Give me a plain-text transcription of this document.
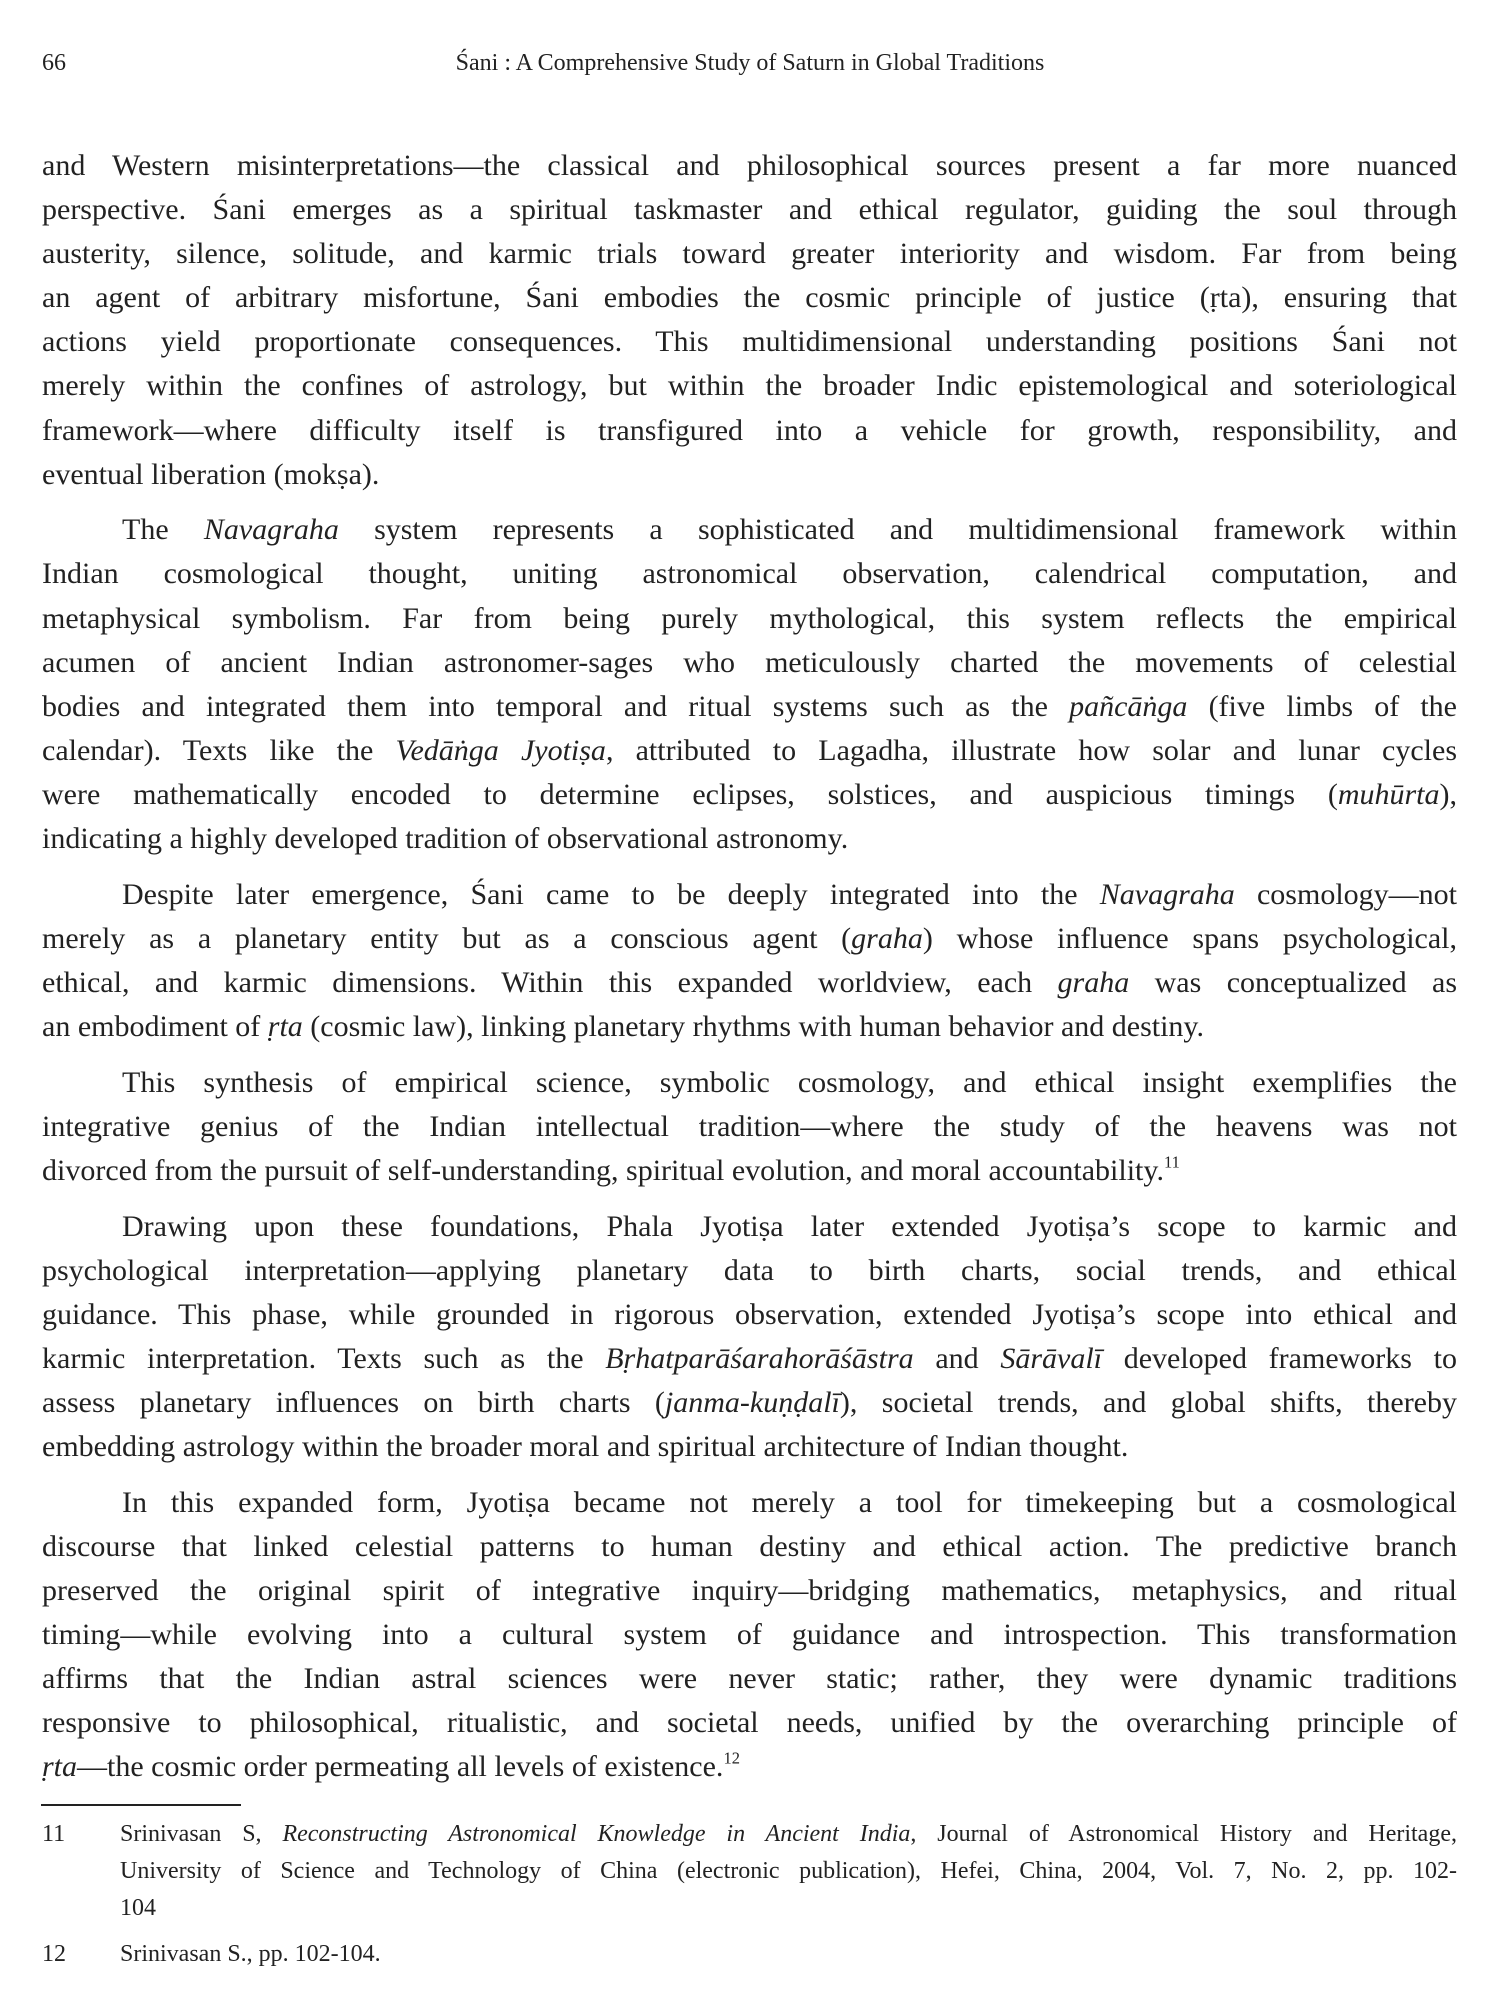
66	Śani : A Comprehensive Study of Saturn in Global Traditions
and Western misinterpretations—the classical and philosophical sources present a far more nuanced
perspective. Śani emerges as a spiritual taskmaster and ethical regulator, guiding the soul through
austerity, silence, solitude, and karmic trials toward greater interiority and wisdom. Far from being
an agent of arbitrary misfortune, Śani embodies the cosmic principle of justice (ṛta), ensuring that
actions yield proportionate consequences. This multidimensional understanding positions Śani not
merely within the confines of astrology, but within the broader Indic epistemological and soteriological
framework—where difficulty itself is transfigured into a vehicle for growth, responsibility, and
eventual liberation (mokṣa).
The Navagraha system represents a sophisticated and multidimensional framework within
Indian cosmological thought, uniting astronomical observation, calendrical computation, and
metaphysical symbolism. Far from being purely mythological, this system reflects the empirical
acumen of ancient Indian astronomer-sages who meticulously charted the movements of celestial
bodies and integrated them into temporal and ritual systems such as the pañcāṅga (five limbs of the
calendar). Texts like the Vedāṅga Jyotiṣa, attributed to Lagadha, illustrate how solar and lunar cycles
were mathematically encoded to determine eclipses, solstices, and auspicious timings (muhūrta),
indicating a highly developed tradition of observational astronomy.
Despite later emergence, Śani came to be deeply integrated into the Navagraha cosmology—not
merely as a planetary entity but as a conscious agent (graha) whose influence spans psychological,
ethical, and karmic dimensions. Within this expanded worldview, each graha was conceptualized as
an embodiment of ṛta (cosmic law), linking planetary rhythms with human behavior and destiny.
This synthesis of empirical science, symbolic cosmology, and ethical insight exemplifies the
integrative genius of the Indian intellectual tradition—where the study of the heavens was not
divorced from the pursuit of self-understanding, spiritual evolution, and moral accountability.$^{11}$
Drawing upon these foundations, Phala Jyotiṣa later extended Jyotiṣa’s scope to karmic and
psychological interpretation—applying planetary data to birth charts, social trends, and ethical
guidance. This phase, while grounded in rigorous observation, extended Jyotiṣa’s scope into ethical and
karmic interpretation. Texts such as the Bṛhatparāśarahorāśāstra and Sārāvalī developed frameworks to
assess planetary influences on birth charts (janma-kuṇḍalī), societal trends, and global shifts, thereby
embedding astrology within the broader moral and spiritual architecture of Indian thought.
In this expanded form, Jyotiṣa became not merely a tool for timekeeping but a cosmological
discourse that linked celestial patterns to human destiny and ethical action. The predictive branch
preserved the original spirit of integrative inquiry—bridging mathematics, metaphysics, and ritual
timing—while evolving into a cultural system of guidance and introspection. This transformation
affirms that the Indian astral sciences were never static; rather, they were dynamic traditions
responsive to philosophical, ritualistic, and societal needs, unified by the overarching principle of
ṛta—the cosmic order permeating all levels of existence.$^{12}$
11 Srinivasan S, Reconstructing Astronomical Knowledge in Ancient India, Journal of Astronomical History and Heritage,
University of Science and Technology of China (electronic publication), Hefei, China, 2004, Vol. 7, No. 2, pp. 102-
104
12 Srinivasan S., pp. 102-104.
